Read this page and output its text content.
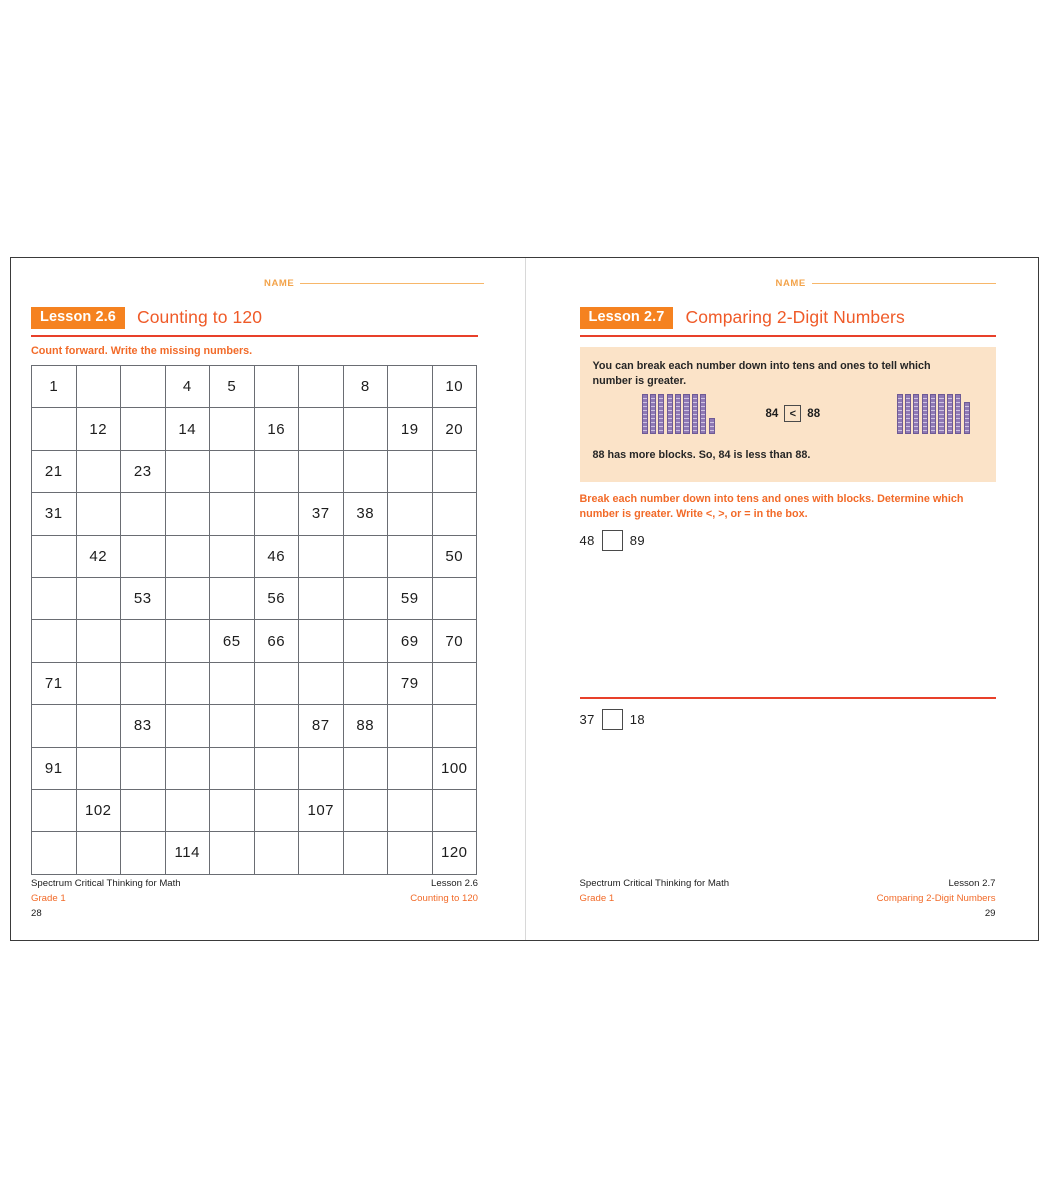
NAME
Lesson 2.6	Counting to 120
Count forward. Write the missing numbers.
1			4	5			8		10
	12		14		16			19	20
21		23							
31						37	38		
	42				46				50
		53			56			59	
				65	66			69	70
71								79	
		83				87	88		
91									100
	102					107			
			114						120
Spectrum Critical Thinking for Math
Grade 1
28
Lesson 2.6
Counting to 120
NAME
Lesson 2.7	Comparing 2-Digit Numbers
You can break each number down into tens and ones to tell which number is greater.
84	< 88
88 has more blocks. So, 84 is less than 88.
Break each number down into tens and ones with blocks. Determine which number is greater. Write <, >, or = in the box.
48	89
37	18
Spectrum Critical Thinking for Math
Grade 1
Lesson 2.7
Comparing 2-Digit Numbers
29
